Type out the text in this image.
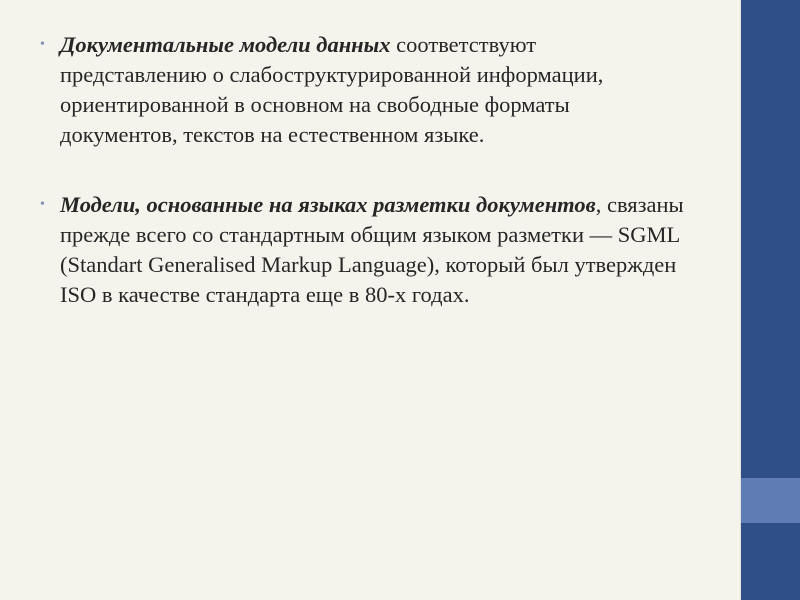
• Документальные модели данных соответствуют представлению о слабоструктурированной информации, ориентированной в основном на свободные форматы документов, текстов на естественном языке.
• Модели, основанные на языках разметки документов, связаны прежде всего со стандартным общим языком разметки — SGML (Standart Generalised Markup Language), который был утвержден ISO в качестве стандарта еще в 80-х годах.
